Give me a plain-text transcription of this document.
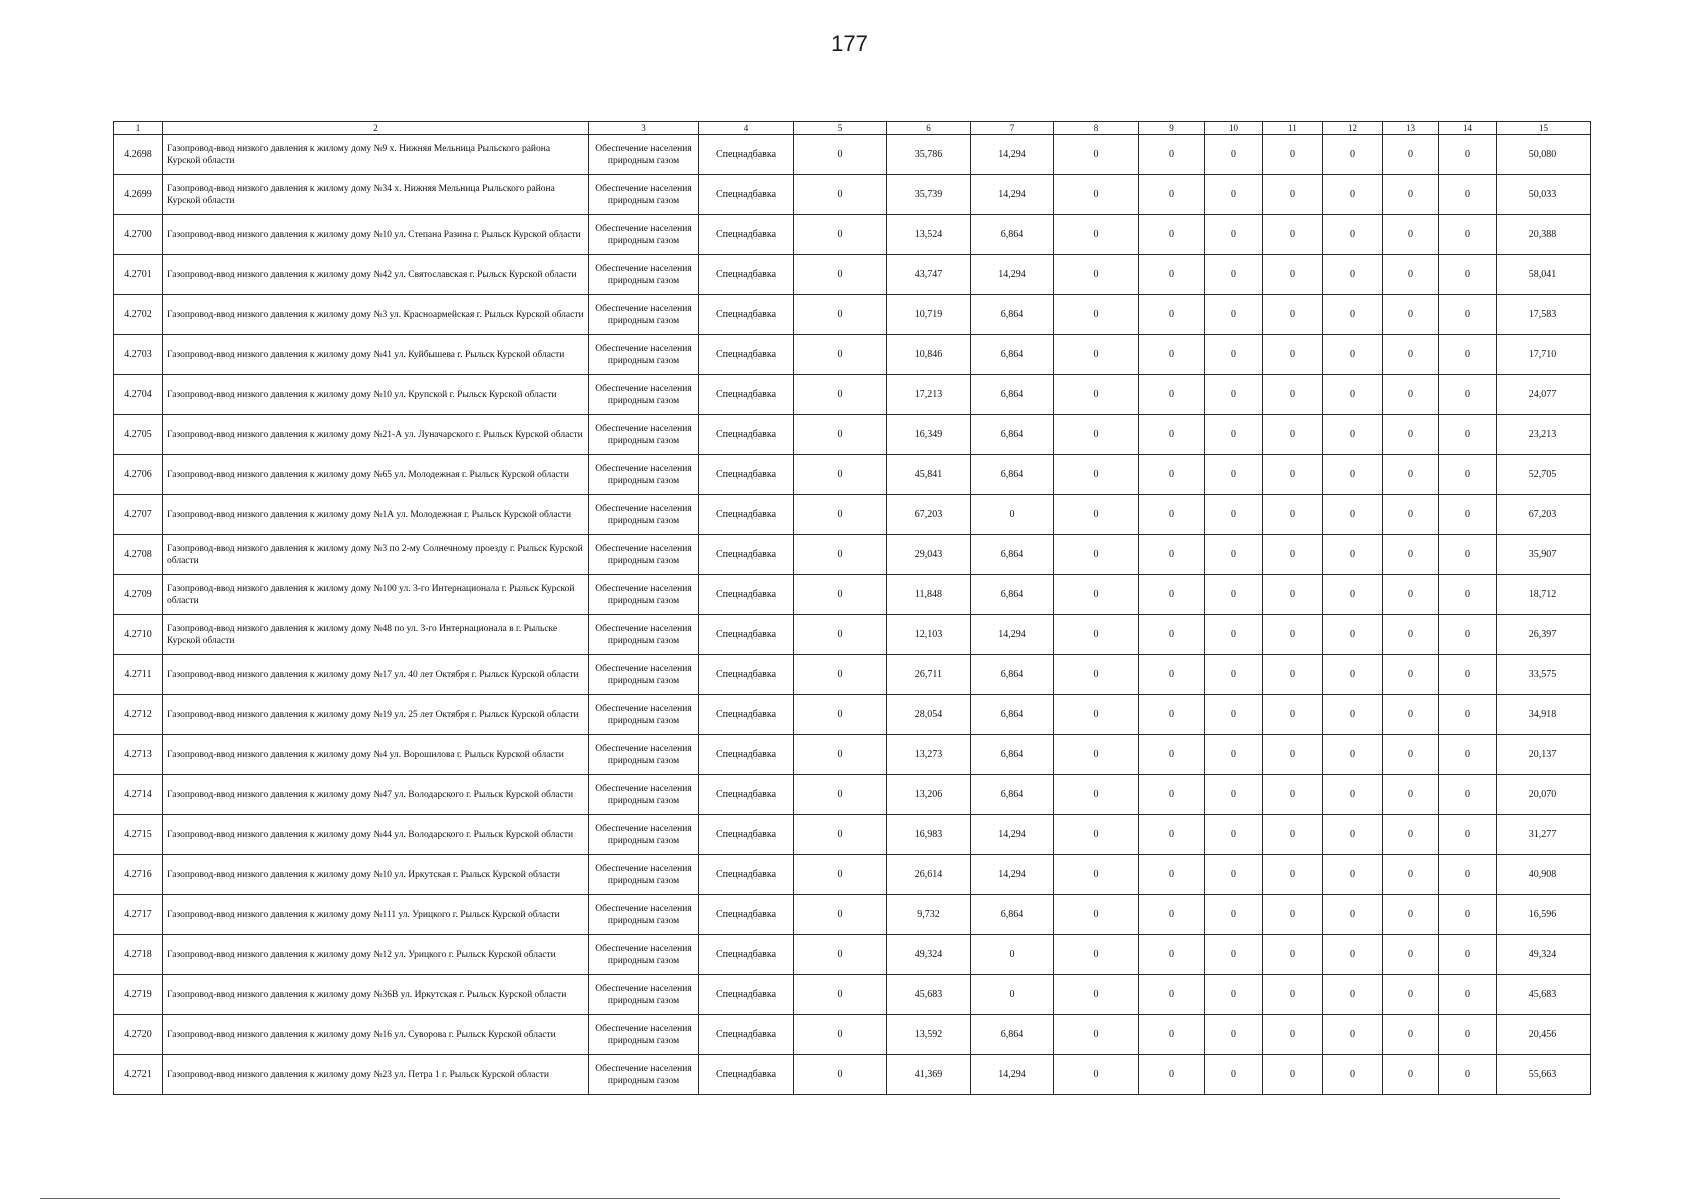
177
1	2	3	4	5	6	7	8	9	10	11	12	13	14	15
4.2698	Газопровод-ввод низкого давления к жилому дому №9 х. Нижняя Мельница Рыльского района Курской области	Обеспечение населения природным газом	Спецнадбавка	0	35,786	14,294	0	0	0	0	0	0	0	50,080
4.2699	Газопровод-ввод низкого давления к жилому дому №34 х. Нижняя Мельница Рыльского района Курской области	Обеспечение населения природным газом	Спецнадбавка	0	35,739	14,294	0	0	0	0	0	0	0	50,033
4.2700	Газопровод-ввод низкого давления к жилому дому №10 ул. Степана Разина г. Рыльск Курской области	Обеспечение населения природным газом	Спецнадбавка	0	13,524	6,864	0	0	0	0	0	0	0	20,388
4.2701	Газопровод-ввод низкого давления к жилому дому №42 ул. Святославская г. Рыльск Курской области	Обеспечение населения природным газом	Спецнадбавка	0	43,747	14,294	0	0	0	0	0	0	0	58,041
4.2702	Газопровод-ввод низкого давления к жилому дому №3 ул. Красноармейская г. Рыльск Курской области	Обеспечение населения природным газом	Спецнадбавка	0	10,719	6,864	0	0	0	0	0	0	0	17,583
4.2703	Газопровод-ввод низкого давления к жилому дому №41 ул. Куйбышева г. Рыльск Курской области	Обеспечение населения природным газом	Спецнадбавка	0	10,846	6,864	0	0	0	0	0	0	0	17,710
4.2704	Газопровод-ввод низкого давления к жилому дому №10 ул. Крупской г. Рыльск Курской области	Обеспечение населения природным газом	Спецнадбавка	0	17,213	6,864	0	0	0	0	0	0	0	24,077
4.2705	Газопровод-ввод низкого давления к жилому дому №21-А ул. Луначарского г. Рыльск Курской области	Обеспечение населения природным газом	Спецнадбавка	0	16,349	6,864	0	0	0	0	0	0	0	23,213
4.2706	Газопровод-ввод низкого давления к жилому дому №65 ул. Молодежная г. Рыльск Курской области	Обеспечение населения природным газом	Спецнадбавка	0	45,841	6,864	0	0	0	0	0	0	0	52,705
4.2707	Газопровод-ввод низкого давления к жилому дому №1А ул. Молодежная г. Рыльск Курской области	Обеспечение населения природным газом	Спецнадбавка	0	67,203	0	0	0	0	0	0	0	0	67,203
4.2708	Газопровод-ввод низкого давления к жилому дому №3 по 2-му Солнечному проезду г. Рыльск Курской области	Обеспечение населения природным газом	Спецнадбавка	0	29,043	6,864	0	0	0	0	0	0	0	35,907
4.2709	Газопровод-ввод низкого давления к жилому дому №100 ул. 3-го Интернационала г. Рыльск Курской области	Обеспечение населения природным газом	Спецнадбавка	0	11,848	6,864	0	0	0	0	0	0	0	18,712
4.2710	Газопровод-ввод низкого давления к жилому дому №48 по ул. 3-го Интернационала в г. Рыльске Курской области	Обеспечение населения природным газом	Спецнадбавка	0	12,103	14,294	0	0	0	0	0	0	0	26,397
4.2711	Газопровод-ввод низкого давления к жилому дому №17 ул. 40 лет Октября г. Рыльск Курской области	Обеспечение населения природным газом	Спецнадбавка	0	26,711	6,864	0	0	0	0	0	0	0	33,575
4.2712	Газопровод-ввод низкого давления к жилому дому №19 ул. 25 лет Октября г. Рыльск Курской области	Обеспечение населения природным газом	Спецнадбавка	0	28,054	6,864	0	0	0	0	0	0	0	34,918
4.2713	Газопровод-ввод низкого давления к жилому дому №4 ул. Ворошилова г. Рыльск Курской области	Обеспечение населения природным газом	Спецнадбавка	0	13,273	6,864	0	0	0	0	0	0	0	20,137
4.2714	Газопровод-ввод низкого давления к жилому дому №47 ул. Володарского г. Рыльск Курской области	Обеспечение населения природным газом	Спецнадбавка	0	13,206	6,864	0	0	0	0	0	0	0	20,070
4.2715	Газопровод-ввод низкого давления к жилому дому №44 ул. Володарского г. Рыльск Курской области	Обеспечение населения природным газом	Спецнадбавка	0	16,983	14,294	0	0	0	0	0	0	0	31,277
4.2716	Газопровод-ввод низкого давления к жилому дому №10 ул. Иркутская г. Рыльск Курской области	Обеспечение населения природным газом	Спецнадбавка	0	26,614	14,294	0	0	0	0	0	0	0	40,908
4.2717	Газопровод-ввод низкого давления к жилому дому №111 ул. Урицкого г. Рыльск Курской области	Обеспечение населения природным газом	Спецнадбавка	0	9,732	6,864	0	0	0	0	0	0	0	16,596
4.2718	Газопровод-ввод низкого давления к жилому дому №12 ул. Урицкого г. Рыльск Курской области	Обеспечение населения природным газом	Спецнадбавка	0	49,324	0	0	0	0	0	0	0	0	49,324
4.2719	Газопровод-ввод низкого давления к жилому дому №36В ул. Иркутская г. Рыльск Курской области	Обеспечение населения природным газом	Спецнадбавка	0	45,683	0	0	0	0	0	0	0	0	45,683
4.2720	Газопровод-ввод низкого давления к жилому дому №16 ул. Суворова г. Рыльск Курской области	Обеспечение населения природным газом	Спецнадбавка	0	13,592	6,864	0	0	0	0	0	0	0	20,456
4.2721	Газопровод-ввод низкого давления к жилому дому №23 ул. Петра 1 г. Рыльск Курской области	Обеспечение населения природным газом	Спецнадбавка	0	41,369	14,294	0	0	0	0	0	0	0	55,663
